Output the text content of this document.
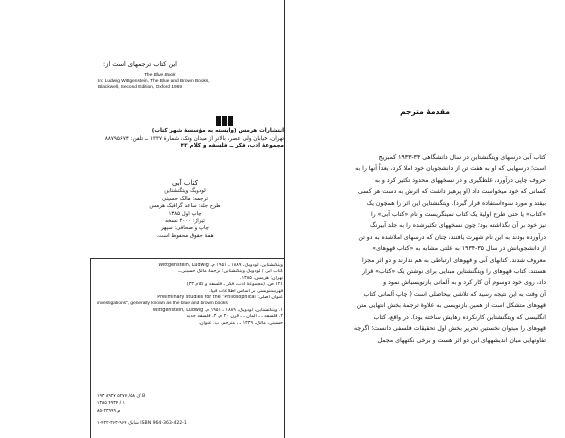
این کتاب ترجمهای است از:
The Blue Book
In: Ludwig Wittgenstein, The Blue and Brown Books,
Blackwell, Second Edition, Oxford 1969
انتشارات هرمس (وابسته به مؤسسهٔ شهر کتاب)
تهران، خیابان ولی عصر، بالاتر از میدان ونک، شمارهٔ ۱۳۳۷ ــ تلفن: ۸۸۷۹۵۶۷۴
مجموعهٔ ادب، فکر ــ فلسفه و کلام ۴۳
کتاب آبی
لودویگ ویتگنشتاین
ترجمه: مالک حسینی
طرح جلد: ساعد گرافیک هرمس
چاپ اول ۱۳۸۵
تیراژ: ۲۰۰۰ نسخه
چاپ و صحافی: سپهر
همهٔ حقوق محفوظ است.
ویتگنشتاین، لودویگ، ۱۸۸۹ ـ ۱۹۵۱ م. Wittgenstein, Ludwig
کتاب آبی / لودویگ ویتگنشتاین؛ ترجمهٔ مالک حسینی.ـ
تهران: هرمس، ۱۳۸۵.
۱۲۱ ص. (مجموعهٔ ادب، فکر ـ فلسفه و کلام ۴۳)
فهرستنویسی بر اساس اطلاعات فیپا.
عنوان اصلی: Preliminary studies for the "Philosophical
investigations", generally known as the blue and brown books
۱. ویتگنشتاین، لودویگ، ۱۸۸۹ ـ ۱۹۵۱ م. Wittgenstein, Ludwig
۲. فلسفه ـ ـ آلمان ـ ـ قرن ۲۰ م. ۳. فلسفه جدید
حسینی، مالک، ۱۳۴۹ ـ ، مترجم. ب. عنوان.
۱۹۳ ۸۹۲۷ ک ۵۸/ ۵۲۷۷ B
۱۳۸۵ ۴۹۳۴ / ۱
۸۵-۲۳۹۹۹ م
شابک ۹۶۴-۳۶۳-۴۲۲-۱ ISBN 964-363-422-1
مقدمهٔ مترجم
کتاب آبی درسهای ویتگنشتاین در سال دانشگاهی ۳۴-۱۹۳۳ کمبریج
است؛ درسهایی که او به هفت تن از دانشجویان خود املا کرد، بعداً آنها را به
حروف چاپی درآورد، غلطگیری و در نسخههای محدود تکثیر کرد و به
کسانی که خود میخواست داد (او پرهیز داشت که اثرش به دست هر کسی
بیفتد و مورد سوءاستفاده قرار گیرد). ویتگنشتاین این اثر را همچون یک
«کتاب» یا حتی طرح اولیهٔ یک کتاب نمینگریست و نام «کتاب آبی» را
نیز خود بر آن نگذاشته بود؛ چون نسخههای تکثیرشده را به جلد آبیرنگ
درآورده بودند به این نام شهرت یافتند، چنان که درسهای املاشده به دو تن
از دانشجویانش در سال ۳۵-۱۹۳۴ به علتی مشابه به «کتاب قهوهای»
معروف شدند. کتابهای آبی و قهوهای ارتباطی به هم ندارند و دو اثر مجزا
هستند. کتاب قهوهای را ویتگنشتاین مبنایی برای نوشتن یک «کتاب» قرار
داد، روی خود دوسوم آن کار کرد و به آلمانی بازنویسیاش نمود و
آن وقت به این نتیجه رسید که تلاشی بیحاصلی است ( چاپ آلمانی کتاب
قهوهای متشکل است از همین بازنویسی به علاوهٔ ترجمهٔ بخش انتهایی متن
انگلیسی که ویتگنشتاین کارنکرده رهایش ساخته بود). در واقع، کتاب
قهوهای را میتوان نخستین تحریر بخش اول تحقیقات فلسفی دانست؛ اگرچه
تفاوتهایی میان اندیشههای این دو اثر هست و برخی نکتههای مجمل
